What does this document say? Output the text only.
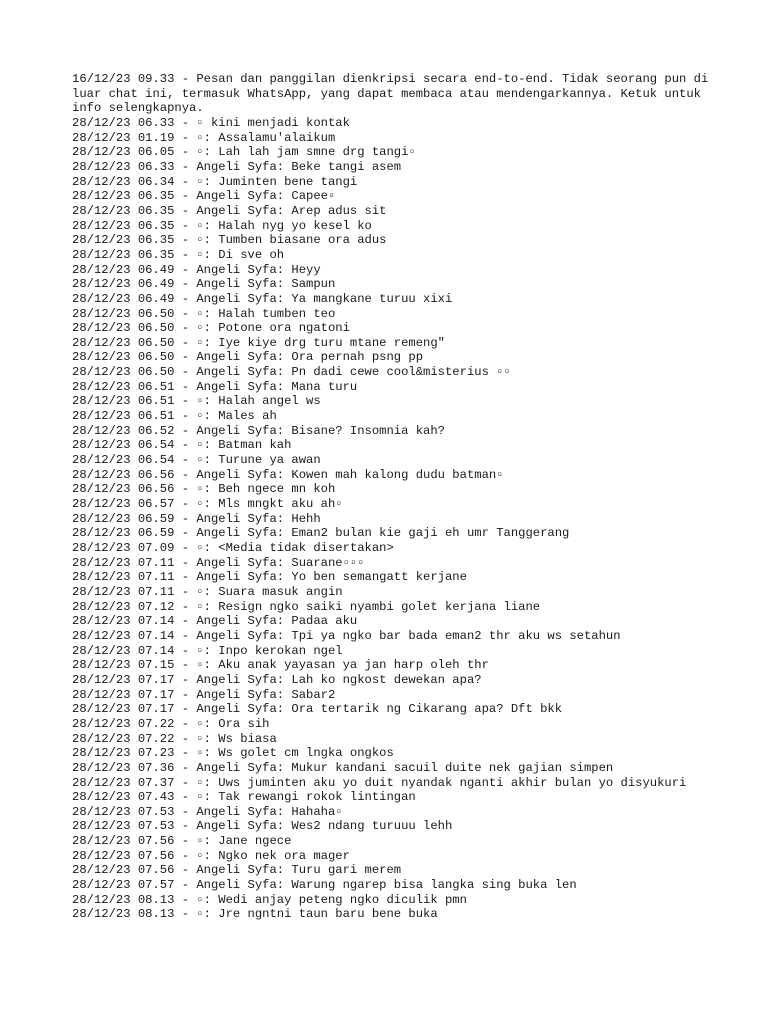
16/12/23 09.33 - Pesan dan panggilan dienkripsi secara end-to-end. Tidak seorang pun di luar chat ini, termasuk WhatsApp, yang dapat membaca atau mendengarkannya. Ketuk untuk info selengkapnya.
28/12/23 06.33 - ▫ kini menjadi kontak
28/12/23 01.19 - ▫: Assalamu'alaikum
28/12/23 06.05 - ▫: Lah lah jam smne drg tangi▫
28/12/23 06.33 - Angeli Syfa: Beke tangi asem
28/12/23 06.34 - ▫: Juminten bene tangi
28/12/23 06.35 - Angeli Syfa: Capee▫
28/12/23 06.35 - Angeli Syfa: Arep adus sit
28/12/23 06.35 - ▫: Halah nyg yo kesel ko
28/12/23 06.35 - ▫: Tumben biasane ora adus
28/12/23 06.35 - ▫: Di sve oh
28/12/23 06.49 - Angeli Syfa: Heyy
28/12/23 06.49 - Angeli Syfa: Sampun
28/12/23 06.49 - Angeli Syfa: Ya mangkane turuu xixi
28/12/23 06.50 - ▫: Halah tumben teo
28/12/23 06.50 - ▫: Potone ora ngatoni
28/12/23 06.50 - ▫: Iye kiye drg turu mtane remeng"
28/12/23 06.50 - Angeli Syfa: Ora pernah psng pp
28/12/23 06.50 - Angeli Syfa: Pn dadi cewe cool&misterius ▫▫
28/12/23 06.51 - Angeli Syfa: Mana turu
28/12/23 06.51 - ▫: Halah angel ws
28/12/23 06.51 - ▫: Males ah
28/12/23 06.52 - Angeli Syfa: Bisane? Insomnia kah?
28/12/23 06.54 - ▫: Batman kah
28/12/23 06.54 - ▫: Turune ya awan
28/12/23 06.56 - Angeli Syfa: Kowen mah kalong dudu batman▫
28/12/23 06.56 - ▫: Beh ngece mn koh
28/12/23 06.57 - ▫: Mls mngkt aku ah▫
28/12/23 06.59 - Angeli Syfa: Hehh
28/12/23 06.59 - Angeli Syfa: Eman2 bulan kie gaji eh umr Tanggerang
28/12/23 07.09 - ▫: <Media tidak disertakan>
28/12/23 07.11 - Angeli Syfa: Suarane▫▫▫
28/12/23 07.11 - Angeli Syfa: Yo ben semangatt kerjane
28/12/23 07.11 - ▫: Suara masuk angin
28/12/23 07.12 - ▫: Resign ngko saiki nyambi golet kerjana liane
28/12/23 07.14 - Angeli Syfa: Padaa aku
28/12/23 07.14 - Angeli Syfa: Tpi ya ngko bar bada eman2 thr aku ws setahun
28/12/23 07.14 - ▫: Inpo kerokan ngel
28/12/23 07.15 - ▫: Aku anak yayasan ya jan harp oleh thr
28/12/23 07.17 - Angeli Syfa: Lah ko ngkost dewekan apa?
28/12/23 07.17 - Angeli Syfa: Sabar2
28/12/23 07.17 - Angeli Syfa: Ora tertarik ng Cikarang apa? Dft bkk
28/12/23 07.22 - ▫: Ora sih
28/12/23 07.22 - ▫: Ws biasa
28/12/23 07.23 - ▫: Ws golet cm lngka ongkos
28/12/23 07.36 - Angeli Syfa: Mukur kandani sacuil duite nek gajian simpen
28/12/23 07.37 - ▫: Uws juminten aku yo duit nyandak nganti akhir bulan yo disyukuri
28/12/23 07.43 - ▫: Tak rewangi rokok lintingan
28/12/23 07.53 - Angeli Syfa: Hahaha▫
28/12/23 07.53 - Angeli Syfa: Wes2 ndang turuuu lehh
28/12/23 07.56 - ▫: Jane ngece
28/12/23 07.56 - ▫: Ngko nek ora mager
28/12/23 07.56 - Angeli Syfa: Turu gari merem
28/12/23 07.57 - Angeli Syfa: Warung ngarep bisa langka sing buka len
28/12/23 08.13 - ▫: Wedi anjay peteng ngko diculik pmn
28/12/23 08.13 - ▫: Jre ngntni taun baru bene buka
